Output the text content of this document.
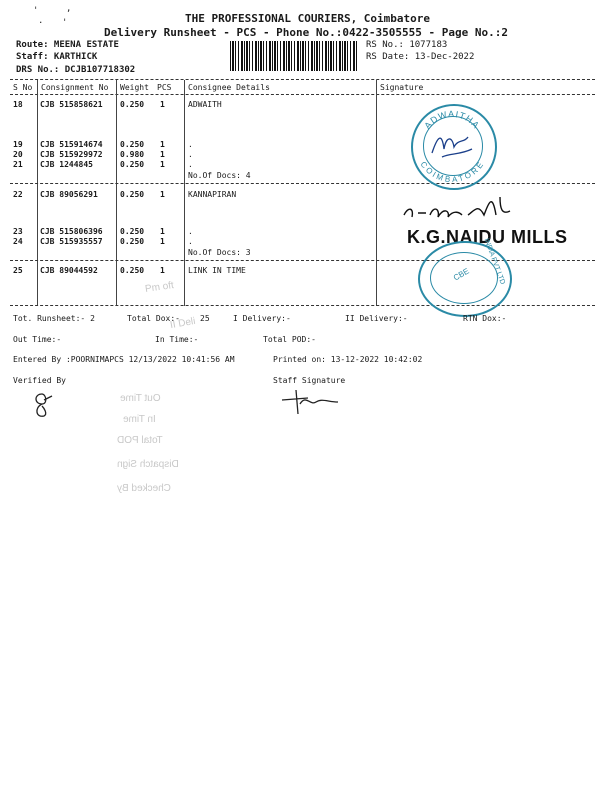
'	,
. '	THE PROFESSIONAL COURIERS, Coimbatore
Delivery Runsheet - PCS - Phone No.:0422-3505555 - Page No.:2
Route: MEENA ESTATE
Staff: KARTHICK
DRS No.: DCJB107718302
RS No.: 1077183
RS Date: 13-Dec-2022
S No Consignment No Weight PCS Consignee Details	Signature
18 CJB 515858621 0.250 1	ADWAITH
19 CJB 515914674 0.250 1	.
20 CJB 515929972 0.980 1	.
21 CJB 1244845	0.250 1	.
No.Of Docs: 4
22 CJB 89056291	0.250 1	KANNAPIRAN
23 CJB 515806396 0.250 1	.
24 CJB 515935557 0.250 1	.
No.Of Docs: 3
25 CJB 89044592	0.250 1	LINK IN TIME
ADWAITHA
COIMBATORE
K.G.NAIDU MILLS
CBE INDIA PVT LTD
Pm oft
II Deli
Tot. Runsheet:- 2	Total Dox:-	25	I Delivery:-	II Delivery:-	RTN Dox:-
Out Time:-	In Time:-	Total POD:-
Entered By :POORNIMAPCS 12/13/2022 10:41:56 AM	Printed on: 13-12-2022 10:42:02
Verified By	Staff Signature
Out Time
In Time
Total POD
Dispatch Sign
Checked By
